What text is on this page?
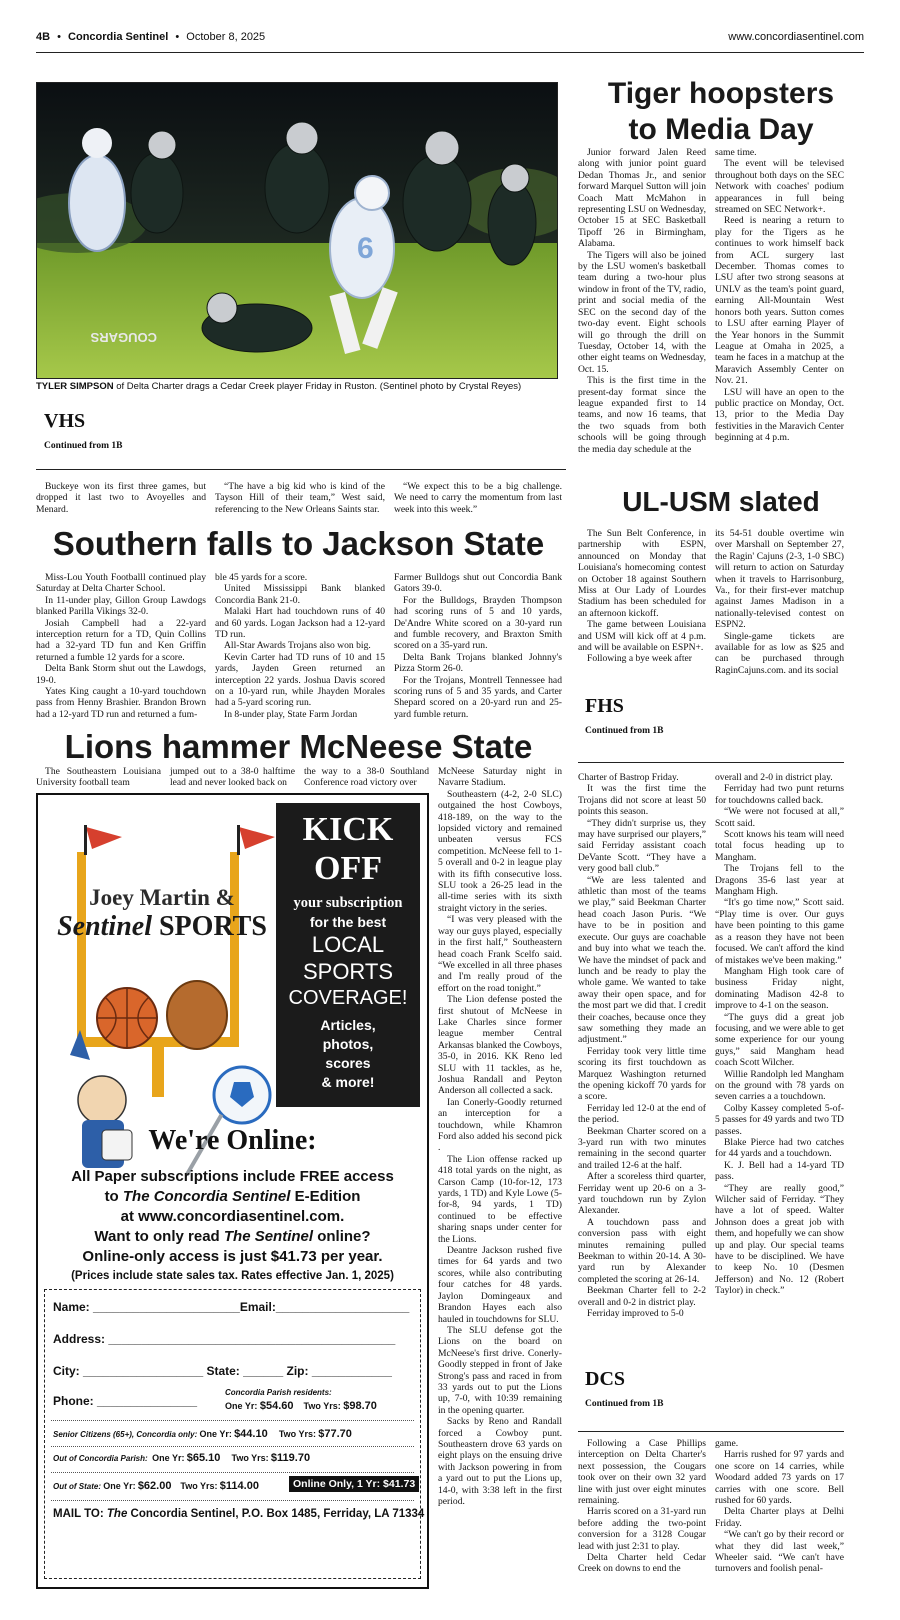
4B • Concordia Sentinel • October 8, 2025	www.concordiasentinel.com
6
COUGARS
TYLER SIMPSON of Delta Charter drags a Cedar Creek player Friday in Ruston. (Sentinel photo by Crystal Reyes)
VHS
Continued from 1B

Buckeye won its first three games, but dropped it last two to Avoyelles and Menard.

“The have a big kid who is kind of the Tayson Hill of their team,” West said, referencing to the New Orleans Saints star.

“We expect this to be a big challenge. We need to carry the momentum from last week into this week.”

Southern falls to Jackson State

Miss-Lou Youth Footballl continued play Saturday at Delta Charter School.

In 11-under play, Gillon Group Lawdogs blanked Parilla Vikings 32-0.

Josiah Campbell had a 22-yard interception return for a TD, Quin Collins had a 32-yard TD fun and Ken Griffin returned a fumble 12 yards for a score.

Delta Bank Storm shut out the Lawdogs, 19-0.

Yates King caught a 10-yard touchdown pass from Henny Brashier. Brandon Brown had a 12-yard TD run and returned a fum-

ble 45 yards for a score.

United Mississippi Bank blanked Concordia Bank 21-0.

Malaki Hart had touchdown runs of 40 and 60 yards. Logan Jackson had a 12-yard TD run.

All-Star Awards Trojans also won big.

Kevin Carter had TD runs of 10 and 15 yards, Jayden Green returned an interception 22 yards. Joshua Davis scored on a 10-yard run, while Jhayden Morales had a 5-yard scoring run.

In 8-under play, State Farm Jordan

Farmer Bulldogs shut out Concordia Bank Gators 39-0.

For the Bulldogs, Brayden Thompson had scoring runs of 5 and 10 yards, De'Andre White scored on a 30-yard run and fumble recovery, and Braxton Smith scored on a 35-yard run.

Delta Bank Trojans blanked Johnny's Pizza Storm 26-0.

For the Trojans, Montrell Tennessee had scoring runs of 5 and 35 yards, and Carter Shepard scored on a 20-yard run and 25-yard fumble return.

Lions hammer McNeese State

The Southeastern Louisiana University football team

jumped out to a 38-0 halftime lead and never looked back on

the way to a 38-0 Southland Conference road victory over

McNeese Saturday night in Navarre Stadium.

Southeastern (4-2, 2-0 SLC) outgained the host Cowboys, 418-189, on the way to the lopsided victory and remained unbeaten versus FCS competition. McNeese fell to 1-5 overall and 0-2 in league play with its fifth consecutive loss. SLU took a 26-25 lead in the all-time series with its sixth straight victory in the series.

“I was very pleased with the way our guys played, especially in the first half,” Southeastern head coach Frank Scelfo said. “We excelled in all three phases and I'm really proud of the effort on the road tonight.”

The Lion defense posted the first shutout of McNeese in Lake Charles since former league member Central Arkansas blanked the Cowboys, 35-0, in 2016. KK Reno led SLU with 11 tackles, as he, Joshua Randall and Peyton Anderson all collected a sack.

Ian Conerly-Goodly returned an interception for a touchdown, while Khamron Ford also added his second pick .

The Lion offense racked up 418 total yards on the night, as Carson Camp (10-for-12, 173 yards, 1 TD) and Kyle Lowe (5-for-8, 94 yards, 1 TD) continued to be effective sharing snaps under center for the Lions.

Deantre Jackson rushed five times for 64 yards and two scores, while also contributing four catches for 48 yards. Jaylon Domingeaux and Brandon Hayes each also hauled in touchdowns for SLU.

The SLU defense got the Lions on the board on McNeese's first drive. Conerly-Goodly stepped in front of Jake Strong's pass and raced in from 33 yards out to put the Lions up, 7-0, with 10:39 remaining in the opening quarter.

Sacks by Reno and Randall forced a Cowboy punt. Southeastern drove 63 yards on eight plays on the ensuing drive with Jackson powering in from a yard out to put the Lions up, 14-0, with 3:38 left in the first period.

Joey Martin &
Sentinel SPORTS
KICK
OFF
your subscription
for the best
LOCAL
SPORTS
COVERAGE!
Articles,
photos,
scores
& more!
We're Online:
All Paper subscriptions include FREE access
to The Concordia Sentinel E-Edition
at www.concordiasentinel.com.
Want to only read The Sentinel online?
Online-only access is just $41.73 per year.
(Prices include state sales tax. Rates effective Jan. 1, 2025)
Name: ______________________Email:____________________
Address: ___________________________________________
City: __________________ State: ______ Zip: ____________
Phone: _______________
Concordia Parish residents:
One Yr: $54.60 Two Yrs: $98.70
Senior Citizens (65+), Concordia only: One Yr: $44.10 Two Yrs: $77.70
Out of Concordia Parish: One Yr: $65.10 Two Yrs: $119.70
Out of State: One Yr: $62.00 Two Yrs: $114.00	Online Only, 1 Yr: $41.73
MAIL TO: The Concordia Sentinel, P.O. Box 1485, Ferriday, LA 71334
Tiger hoopsters
to Media Day

Junior forward Jalen Reed along with junior point guard Dedan Thomas Jr., and senior forward Marquel Sutton will join Coach Matt McMahon in representing LSU on Wednesday, October 15 at SEC Basketball Tipoff '26 in Birmingham, Alabama.

The Tigers will also be joined by the LSU women's basketball team during a two-hour plus window in front of the TV, radio, print and social media of the SEC on the second day of the two-day event. Eight schools will go through the drill on Tuesday, October 14, with the other eight teams on Wednesday, Oct. 15.

This is the first time in the present-day format since the league expanded first to 14 teams, and now 16 teams, that the two squads from both schools will be going through the media day schedule at the

same time.

The event will be televised throughout both days on the SEC Network with coaches' podium appearances in full being streamed on SEC Network+.

Reed is nearing a return to play for the Tigers as he continues to work himself back from ACL surgery last December. Thomas comes to LSU after two strong seasons at UNLV as the team's point guard, earning All-Mountain West honors both years. Sutton comes to LSU after earning Player of the Year honors in the Summit League at Omaha in 2025, a team he faces in a matchup at the Maravich Assembly Center on Nov. 21.

LSU will have an open to the public practice on Monday, Oct. 13, prior to the Media Day festivities in the Maravich Center beginning at 4 p.m.

UL-USM slated

The Sun Belt Conference, in partnership with ESPN, announced on Monday that Louisiana's homecoming contest on October 18 against Southern Miss at Our Lady of Lourdes Stadium has been scheduled for an afternoon kickoff.

The game between Louisiana and USM will kick off at 4 p.m. and will be available on ESPN+.

Following a bye week after

its 54-51 double overtime win over Marshall on September 27, the Ragin' Cajuns (2-3, 1-0 SBC) will return to action on Saturday when it travels to Harrisonburg, Va., for their first-ever matchup against James Madison in a nationally-televised contest on ESPN2.

Single-game tickets are available for as low as $25 and can be purchased through RaginCajuns.com. and its social

FHS
Continued from 1B

Charter of Bastrop Friday.

It was the first time the Trojans did not score at least 50 points this season.

“They didn't surprise us, they may have surprised our players,” said Ferriday assistant coach DeVante Scott. “They have a very good ball club.”

“We are less talented and athletic than most of the teams we play,” said Beekman Charter head coach Jason Puris. “We have to be in position and execute. Our guys are coachable and buy into what we teach the. We have the mindset of pack and lunch and be ready to play the whole game. We wanted to take away their open space, and for the most part we did that. I credit their coaches, because once they saw something they made an adjustment.”

Ferriday took very little time scoring its first touchdown as Marquez Washington returned the opening kickoff 70 yards for a score.

Ferriday led 12-0 at the end of the period.

Beekman Charter scored on a 3-yard run with two minutes remaining in the second quarter and trailed 12-6 at the half.

After a scoreless third quarter, Ferriday went up 20-6 on a 3-yard touchdown run by Zylon Alexander.

A touchdown pass and conversion pass with eight minutes remaining pulled Beekman to within 20-14. A 30-yard run by Alexander completed the scoring at 26-14.

Beekman Charter fell to 2-2 overall and 0-2 in district play.

Ferriday improved to 5-0

overall and 2-0 in district play.

Ferriday had two punt returns for touchdowns called back.

“We were not focused at all,” Scott said.

Scott knows his team will need total focus heading up to Mangham.

The Trojans fell to the Dragons 35-6 last year at Mangham High.

“It's go time now,” Scott said. “Play time is over. Our guys have been pointing to this game as a reason they have not been focused. We can't afford the kind of mistakes we've been making.”

Mangham High took care of business Friday night, dominating Madison 42-8 to improve to 4-1 on the season.

“The guys did a great job focusing, and we were able to get some experience for our young guys,” said Mangham head coach Scott Wilcher.

Willie Randolph led Mangham on the ground with 78 yards on seven carries a a touchdown.

Colby Kassey completed 5-of-5 passes for 49 yards and two TD passes.

Blake Pierce had two catches for 44 yards and a touchdown.

K. J. Bell had a 14-yard TD pass.

“They are really good,” Wilcher said of Ferriday. “They have a lot of speed. Walter Johnson does a great job with them, and hopefully we can show up and play. Our special teams have to be disciplined. We have to keep No. 10 (Desmen Jefferson) and No. 12 (Robert Taylor) in check.”

DCS
Continued from 1B

Following a Case Phillips interception on Delta Charter's next possession, the Cougars took over on their own 32 yard line with just over eight minutes remaining.

Harris scored on a 31-yard run before adding the two-point conversion for a 3128 Cougar lead with just 2:31 to play.

Delta Charter held Cedar Creek on downs to end the

game.

Harris rushed for 97 yards and one score on 14 carries, while Woodard added 73 yards on 17 carries with one score. Bell rushed for 60 yards.

Delta Charter plays at Delhi Friday.

“We can't go by their record or what they did last week,” Wheeler said. “We can't have turnovers and foolish penal-
